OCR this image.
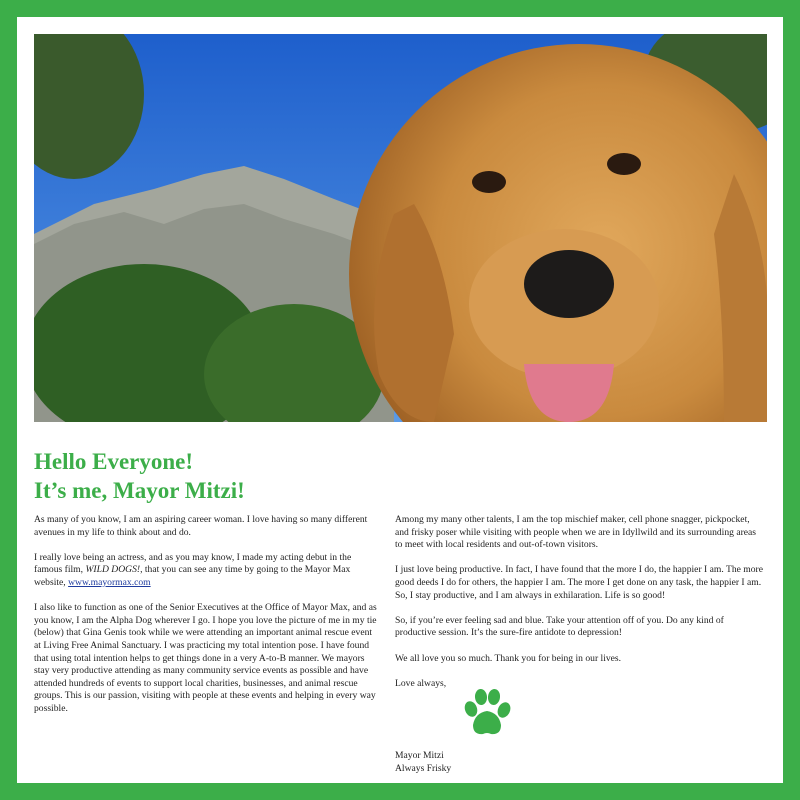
Hello Everyone!
It’s me, Mayor Mitzi!

As many of you know, I am an aspiring career woman. I love having so many different avenues in my life to think about and do.

I really love being an actress, and as you may know, I made my acting debut in the famous film, WILD DOGS!, that you can see any time by going to the Mayor Max website, www.mayormax.com

I also like to function as one of the Senior Executives at the Office of Mayor Max, and as you know, I am the Alpha Dog wherever I go. I hope you love the picture of me in my tie (below) that Gina Genis took while we were attending an important animal rescue event at Living Free Animal Sanctuary. I was practicing my total intention pose. I have found that using total intention helps to get things done in a very A-to-B manner. We mayors stay very productive attending as many community service events as possible and have attended hundreds of events to support local charities, businesses, and animal rescue groups. This is our passion, visiting with people at these events and helping in every way possible.

Among my many other talents, I am the top mischief maker, cell phone snagger, pickpocket, and frisky poser while visiting with people when we are in Idyllwild and its surrounding areas to meet with local residents and out-of-town visitors.

I just love being productive. In fact, I have found that the more I do, the happier I am. The more good deeds I do for others, the happier I am. The more I get done on any task, the happier I am. So, I stay productive, and I am always in exhilaration. Life is so good!

So, if you’re ever feeling sad and blue. Take your attention off of you. Do any kind of productive session. It’s the sure-fire antidote to depression!

We all love you so much. Thank you for being in our lives.

Love always,

Mayor Mitzi
Always Frisky
